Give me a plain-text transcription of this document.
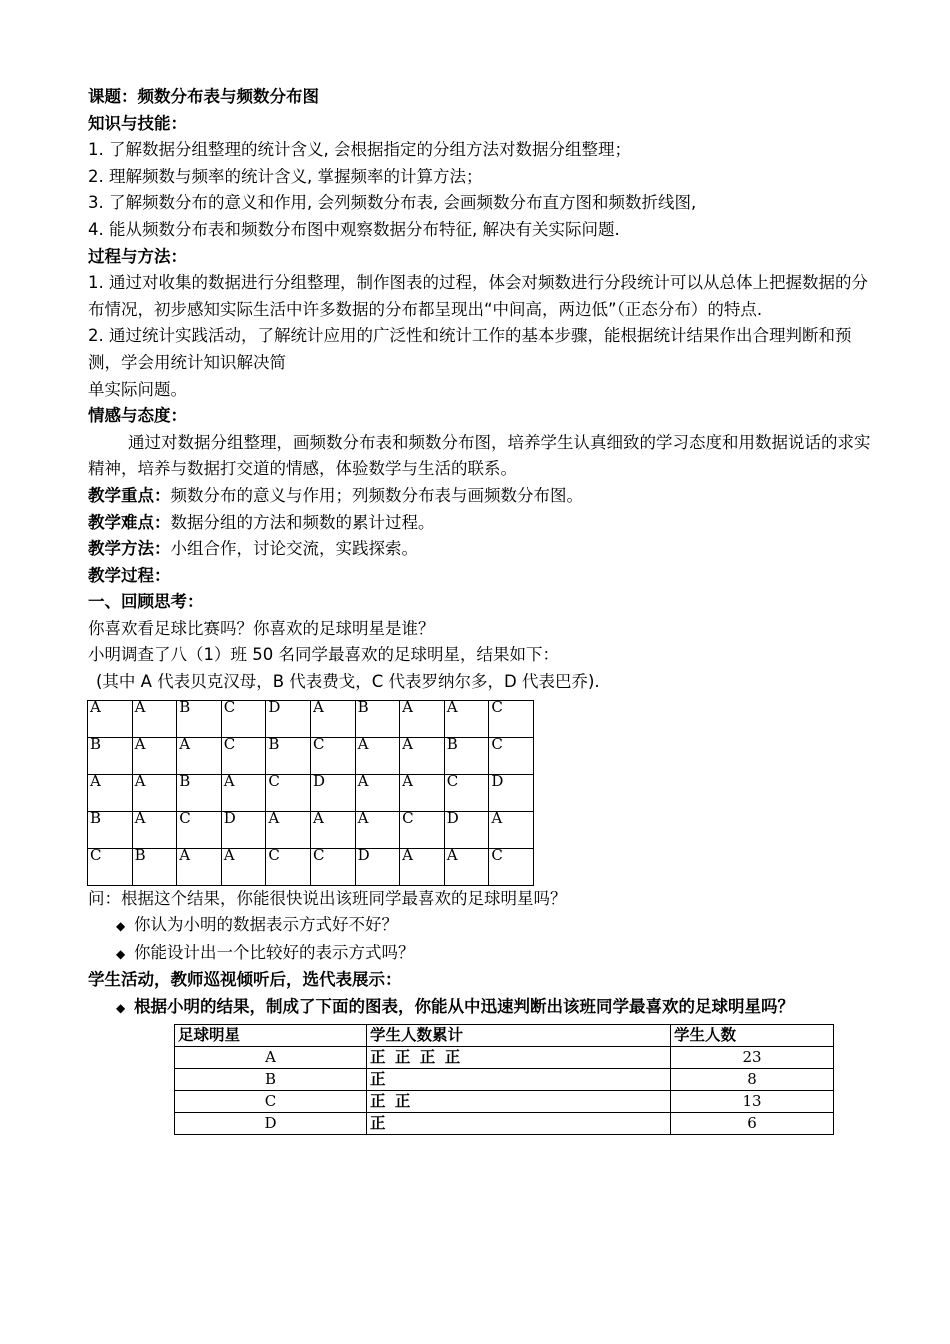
课题：频数分布表与频数分布图
知识与技能：
1. 了解数据分组整理的统计含义, 会根据指定的分组方法对数据分组整理；
2. 理解频数与频率的统计含义, 掌握频率的计算方法；
3. 了解频数分布的意义和作用, 会列频数分布表, 会画频数分布直方图和频数折线图,
4. 能从频数分布表和频数分布图中观察数据分布特征, 解决有关实际问题.
过程与方法：
1. 通过对收集的数据进行分组整理，制作图表的过程，体会对频数进行分段统计可以从总体上把握数据的分布情况，初步感知实际生活中许多数据的分布都呈现出“中间高，两边低”（正态分布）的特点.
2. 通过统计实践活动，了解统计应用的广泛性和统计工作的基本步骤，能根据统计结果作出合理判断和预测，学会用统计知识解决简
单实际问题。
情感与态度：
通过对数据分组整理，画频数分布表和频数分布图，培养学生认真细致的学习态度和用数据说话的求实精神，培养与数据打交道的情感，体验数学与生活的联系。
教学重点：频数分布的意义与作用；列频数分布表与画频数分布图。
教学难点：数据分组的方法和频数的累计过程。
教学方法：小组合作，讨论交流，实践探索。
教学过程：
一、回顾思考：
你喜欢看足球比赛吗？你喜欢的足球明星是谁？
小明调查了八（1）班 50 名同学最喜欢的足球明星，结果如下：
(其中 A 代表贝克汉母，B 代表费戈，C 代表罗纳尔多，D 代表巴乔).
A	A	B	C	D	A	B	A	A	C

B	A	A	C	B	C	A	A	B	C

A	A	B	A	C	D	A	A	C	D

B	A	C	D	A	A	A	C	D	A

C	B	A	A	C	C	D	A	A	C
问：根据这个结果，你能很快说出该班同学最喜欢的足球明星吗？
◆ 你认为小明的数据表示方式好不好？
◆ 你能设计出一个比较好的表示方式吗？
学生活动，教师巡视倾听后，选代表展示：
◆ 根据小明的结果，制成了下面的图表，你能从中迅速判断出该班同学最喜欢的足球明星吗？
足球明星	学生人数累计	学生人数
A	正 正 正 正	23
B	正	8
C	正 正	13
D	正	6
